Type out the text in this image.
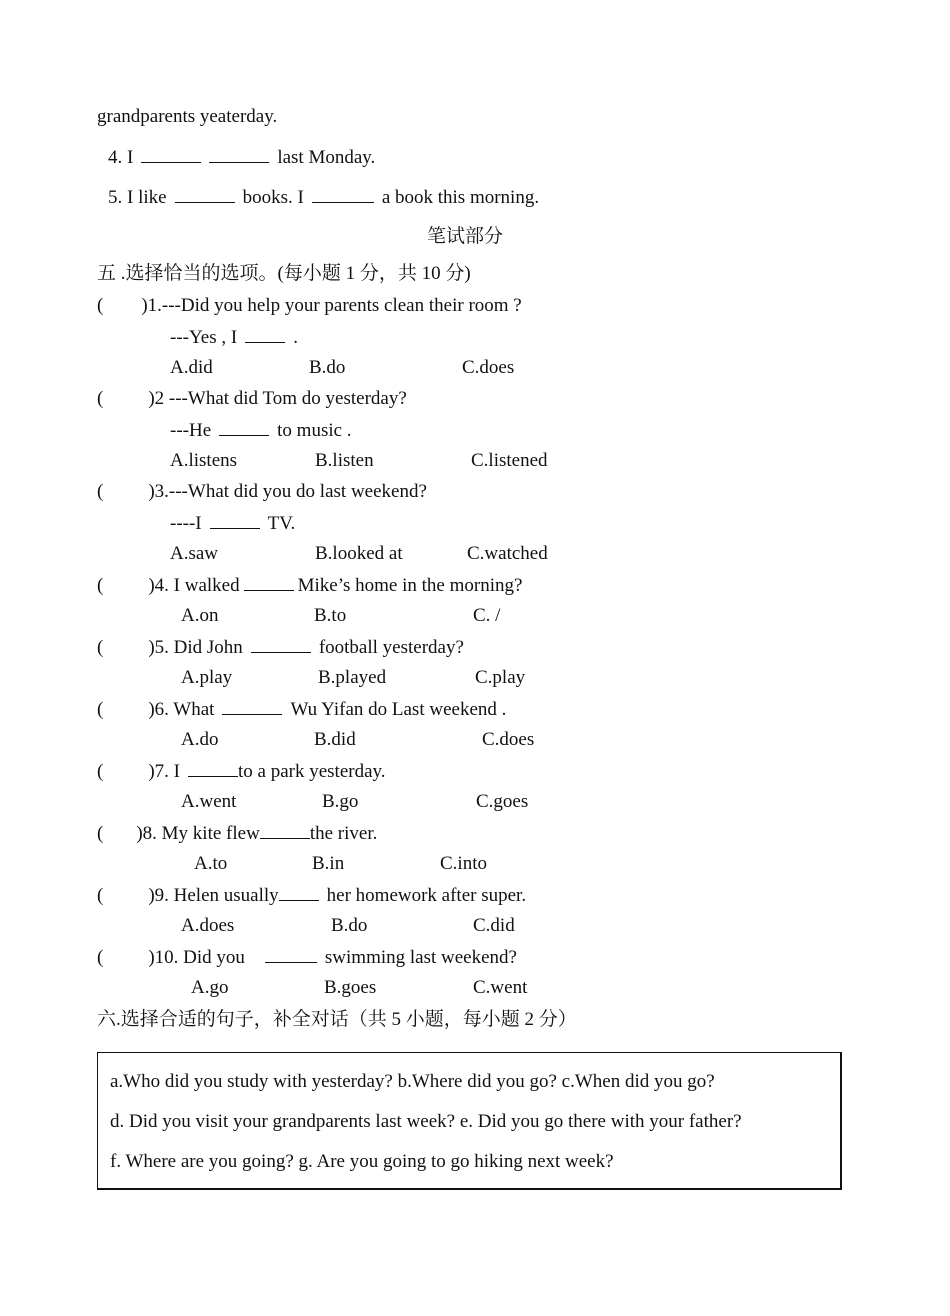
grandparents yeaterday.
4. I	last Monday.
5. I like	books. I	a book this morning.
笔试部分
五 .选择恰当的选项。(每小题 1 分，共 10 分)
( )1.---Did you help your parents clean their room ?
---Yes , I	.
A.did	B.do	C.does
( )2 ---What did Tom do yesterday?
---He	to music .
A.listens	B.listen	C.listened
( )3.---What did you do last weekend?
----I	TV.
A.saw	B.looked at	C.watched
( )4. I walked	Mike’s home in the morning?
A.on	B.to	C. /
( )5. Did John	football yesterday?
A.play	B.played	C.play
( )6. What	Wu Yifan do Last weekend .
A.do	B.did	C.does
( )7. I	to a park yesterday.
A.went	B.go	C.goes
( )8. My kite flew	the river.
A.to	B.in	C.into
( )9. Helen usually	her homework after super.
A.does	B.do	C.did
( )10. Did you	swimming last weekend?
A.go	B.goes	C.went
六.选择合适的句子，补全对话（共 5 小题，每小题 2 分）
a.Who did you study with yesterday? b.Where did you go? c.When did you go?
d. Did you visit your grandparents last week? e. Did you go there with your father?
f. Where are you going? g. Are you going to go hiking next week?
